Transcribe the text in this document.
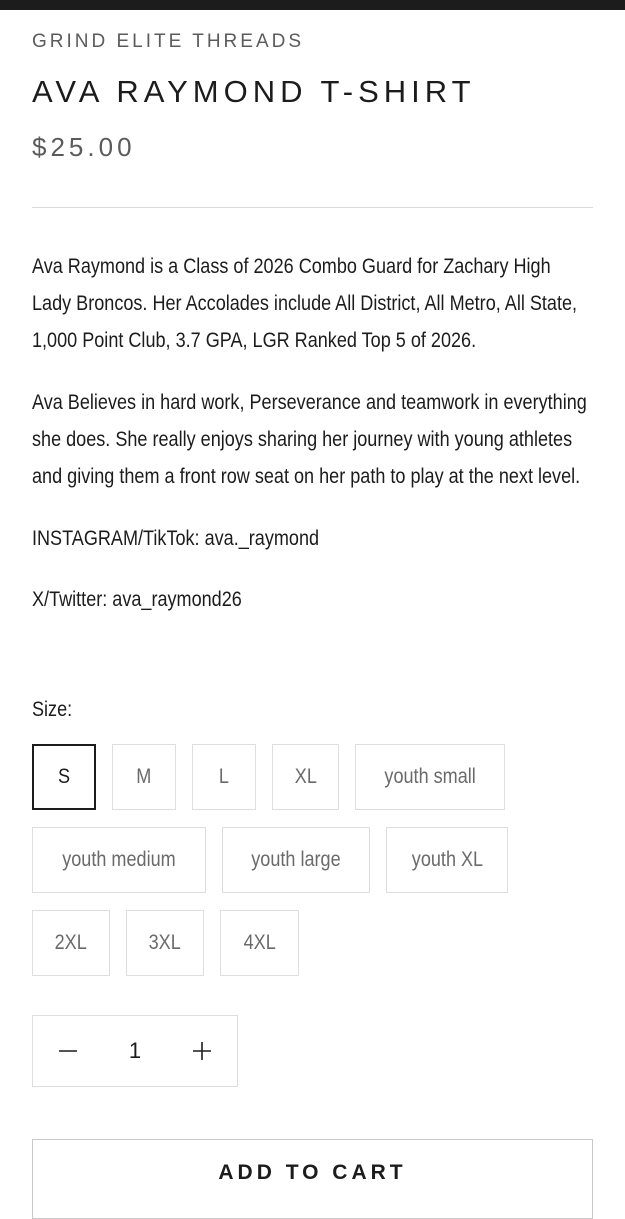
GRIND ELITE THREADS
AVA RAYMOND T-SHIRT
$25.00

Ava Raymond is a Class of 2026 Combo Guard for Zachary High Lady Broncos. Her Accolades include All District, All Metro, All State, 1,000 Point Club, 3.7 GPA, LGR Ranked Top 5 of 2026.

Ava Believes in hard work, Perseverance and teamwork in everything she does. She really enjoys sharing her journey with young athletes and giving them a front row seat on her path to play at the next level.

INSTAGRAM/TikTok: ava._raymond

X/Twitter: ava_raymond26

Size:
S	M	L	XL	youth small
youth medium	youth large	youth XL
2XL	3XL	4XL
1
ADD TO CART
